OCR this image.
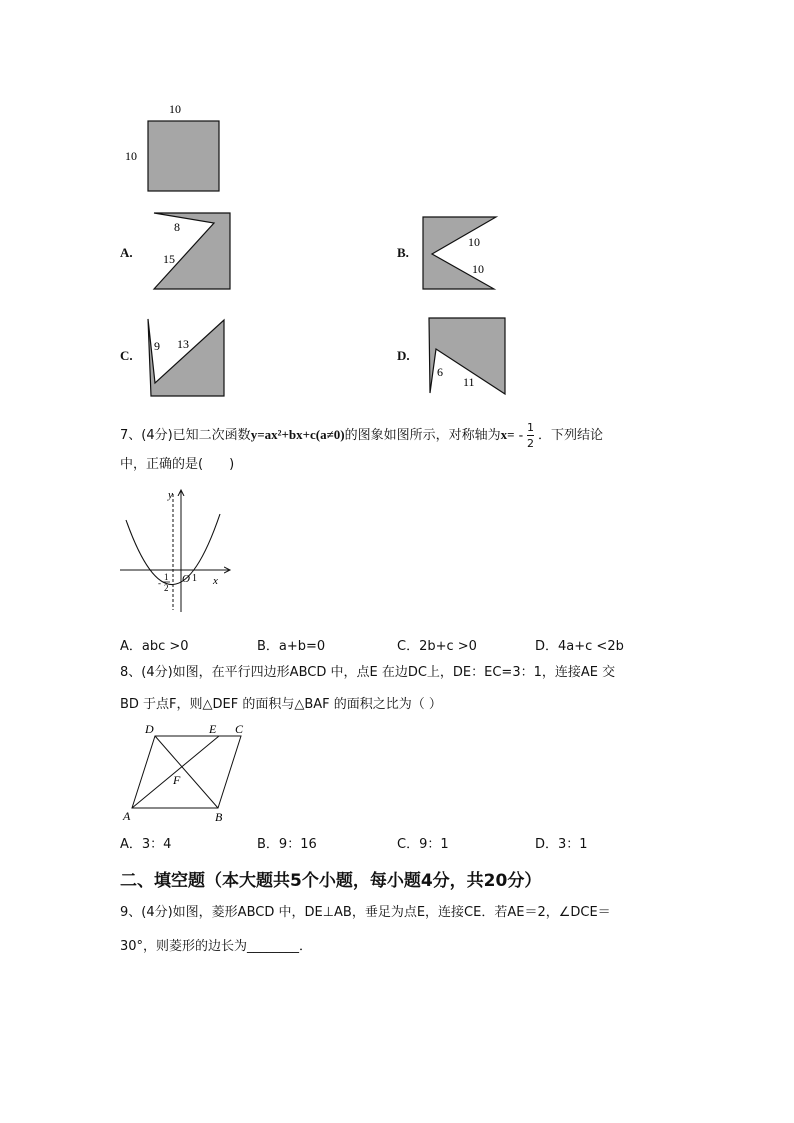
10
10
8
15
10
10
9 13
6
11
A.	B.
C.	D.
7、(4分)已知二次函数y=ax²+bx+c(a≠0)的图象如图所示，对称轴为$x= - \frac{1}{2}$ ．下列结论
中，正确的是(　　)
y
x
O 1
-
1
2
A．abc >0	B．a+b=0	C．2b+c >0	D．4a+c <2b
8、(4分)如图，在平行四边形ABCD 中，点E 在边DC上，DE：EC=3：1，连接AE 交
BD 于点F，则△DEF 的面积与△BAF 的面积之比为（ ）
A	B
C
D	E
F
A．3：4	B．9：16	C．9：1	D．3：1
二、填空题（本大题共5个小题，每小题4分，共20分）
9、(4分)如图，菱形ABCD 中，DE⊥AB，垂足为点E，连接CE．若AE＝2，∠DCE＝
30°，则菱形的边长为________．
